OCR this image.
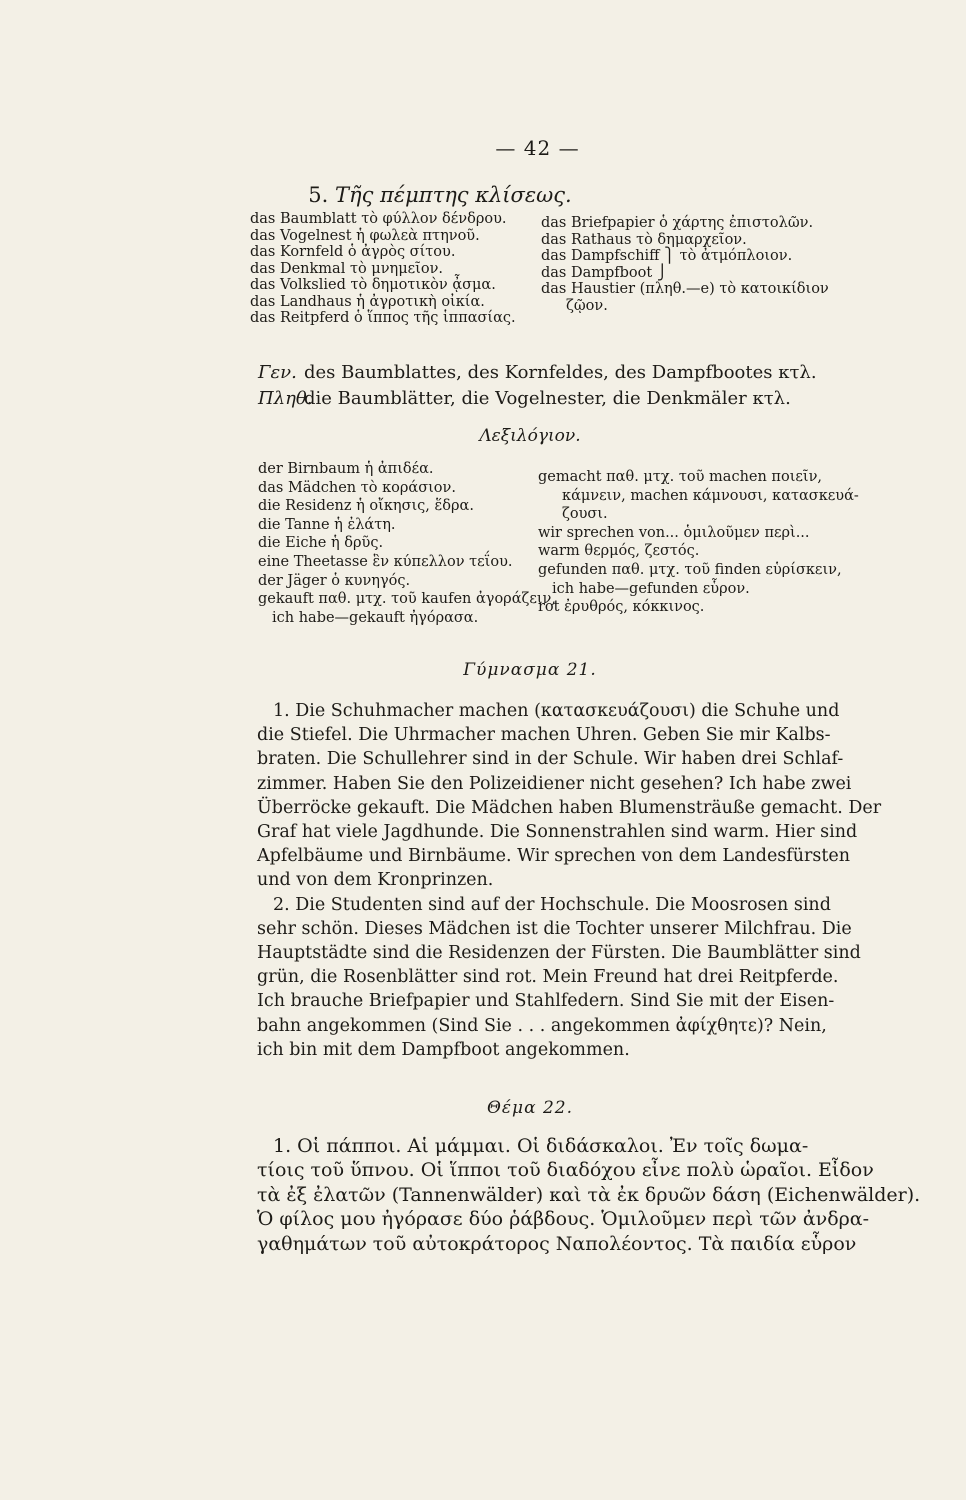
— 42 —
5. Τῆς πέμπτης κλίσεως.
das Baumblatt τὸ φύλλον δένδρου.
das Vogelnest ἡ φωλεὰ πτηνοῦ.
das Kornfeld ὁ ἀγρὸς σίτου.
das Denkmal τὸ μνημεῖον.
das Volkslied τὸ δημοτικὸν ᾆσμα.
das Landhaus ἡ ἀγροτικὴ οἰκία.
das Reitpferd ὁ ἵππος τῆς ἱππασίας.
das Briefpapier ὁ χάρτης ἐπιστολῶν.
das Rathaus τὸ δημαρχεῖον.
das Dampfschiff ⎫ τὸ ἀτμόπλοιον.
das Dampfboot ⎭
das Haustier (πληθ.—e) τὸ κατοικίδιον
ζῷον.
Γεν. des Baumblattes, des Kornfeldes, des Dampfbootes κτλ.
Πληθ.die Baumblätter, die Vogelnester, die Denkmäler κτλ.
Λεξιλόγιον.
der Birnbaum ἡ ἀπιδέα.
das Mädchen τὸ κοράσιον.
die Residenz ἡ οἴκησις, ἕδρα.
die Tanne ἡ ἐλάτη.
die Eiche ἡ δρῦς.
eine Theetasse ἓν κύπελλον τεΐου.
der Jäger ὁ κυνηγός.
gekauft παθ. μτχ. τοῦ kaufen ἀγοράζειν,
ich habe—gekauft ἠγόρασα.
gemacht παθ. μτχ. τοῦ machen ποιεῖν,
κάμνειν, machen κάμνουσι, κατασκευά-
ζουσι.
wir sprechen von... ὁμιλοῦμεν περὶ...
warm θερμός, ζεστός.
gefunden παθ. μτχ. τοῦ finden εὑρίσκειν,
ich habe—gefunden εὗρον.
rot ἐρυθρός, κόκκινος.
Γύμνασμα 21.
1. Die Schuhmacher machen (κατασκευάζουσι) die Schuhe und
die Stiefel. Die Uhrmacher machen Uhren. Geben Sie mir Kalbs-
braten. Die Schullehrer sind in der Schule. Wir haben drei Schlaf-
zimmer. Haben Sie den Polizeidiener nicht gesehen? Ich habe zwei
Überröcke gekauft. Die Mädchen haben Blumensträuße gemacht. Der
Graf hat viele Jagdhunde. Die Sonnenstrahlen sind warm. Hier sind
Apfelbäume und Birnbäume. Wir sprechen von dem Landesfürsten
und von dem Kronprinzen.
2. Die Studenten sind auf der Hochschule. Die Moosrosen sind
sehr schön. Dieses Mädchen ist die Tochter unserer Milchfrau. Die
Hauptstädte sind die Residenzen der Fürsten. Die Baumblätter sind
grün, die Rosenblätter sind rot. Mein Freund hat drei Reitpferde.
Ich brauche Briefpapier und Stahlfedern. Sind Sie mit der Eisen-
bahn angekommen (Sind Sie . . . angekommen ἀφίχθητε)? Nein,
ich bin mit dem Dampfboot angekommen.
Θέμα 22.
1. Οἱ πάπποι. Αἱ μάμμαι. Οἱ διδάσκαλοι. Ἐν τοῖς δωμα-
τίοις τοῦ ὕπνου. Οἱ ἵπποι τοῦ διαδόχου εἶνε πολὺ ὡραῖοι. Εἶδον
τὰ ἐξ ἐλατῶν (Tannenwälder) καὶ τὰ ἐκ δρυῶν δάση (Eichenwälder).
Ὁ φίλος μου ἠγόρασε δύο ῥάβδους. Ὁμιλοῦμεν περὶ τῶν ἀνδρα-
γαθημάτων τοῦ αὐτοκράτορος Ναπολέοντος. Τὰ παιδία εὗρον
